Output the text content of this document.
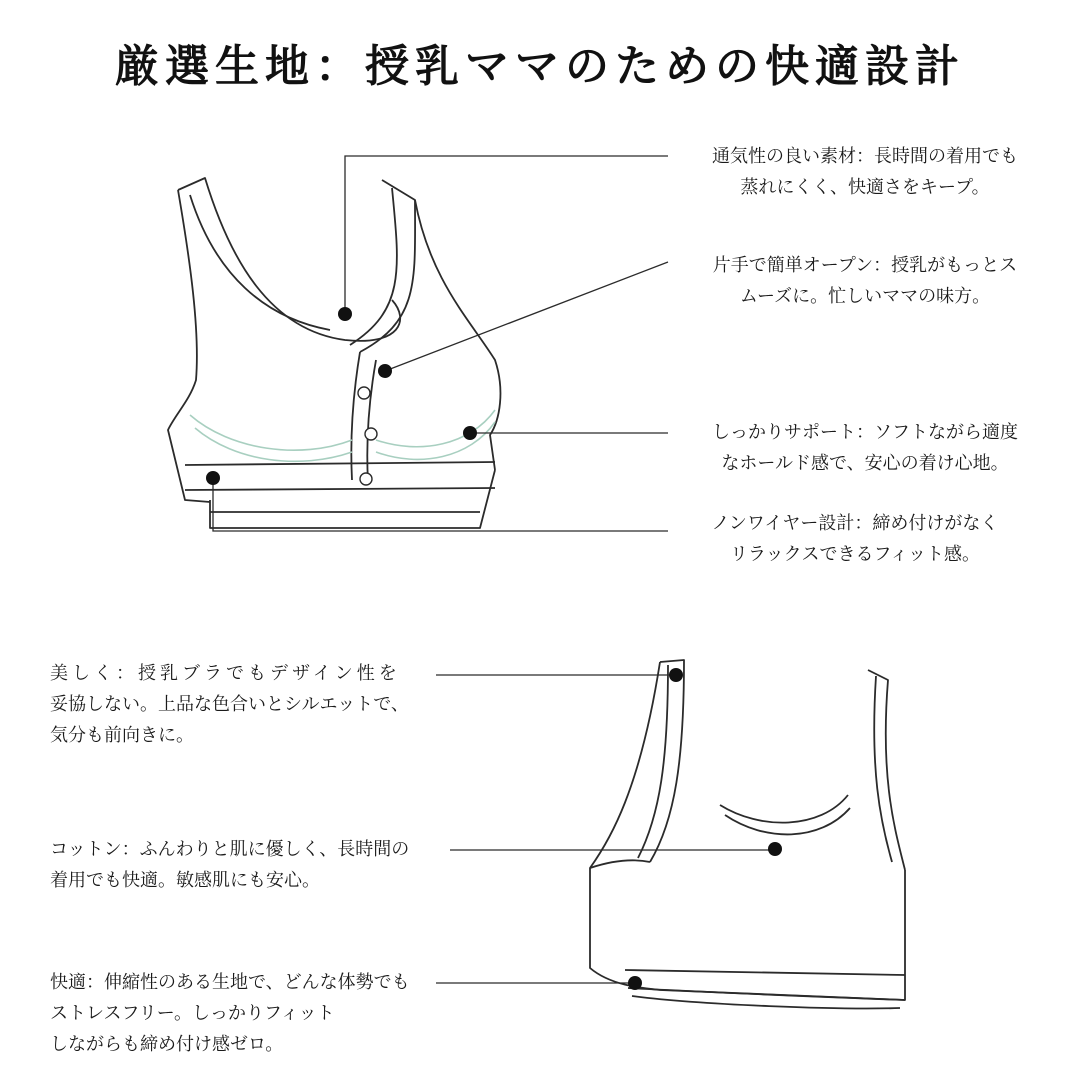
厳選生地：授乳ママのための快適設計
通気性の良い素材：長時間の着用でも
蒸れにくく、快適さをキープ。
片手で簡単オープン：授乳がもっとス
ムーズに。忙しいママの味方。
しっかりサポート：ソフトながら適度
なホールド感で、安心の着け心地。
ノンワイヤー設計：締め付けがなく
リラックスできるフィット感。
美しく：授乳ブラでもデザイン性を
妥協しない。上品な色合いとシルエットで、
気分も前向きに。
コットン：ふんわりと肌に優しく、長時間の
着用でも快適。敏感肌にも安心。
快適：伸縮性のある生地で、どんな体勢でも
ストレスフリー。しっかりフィット
しながらも締め付け感ゼロ。
